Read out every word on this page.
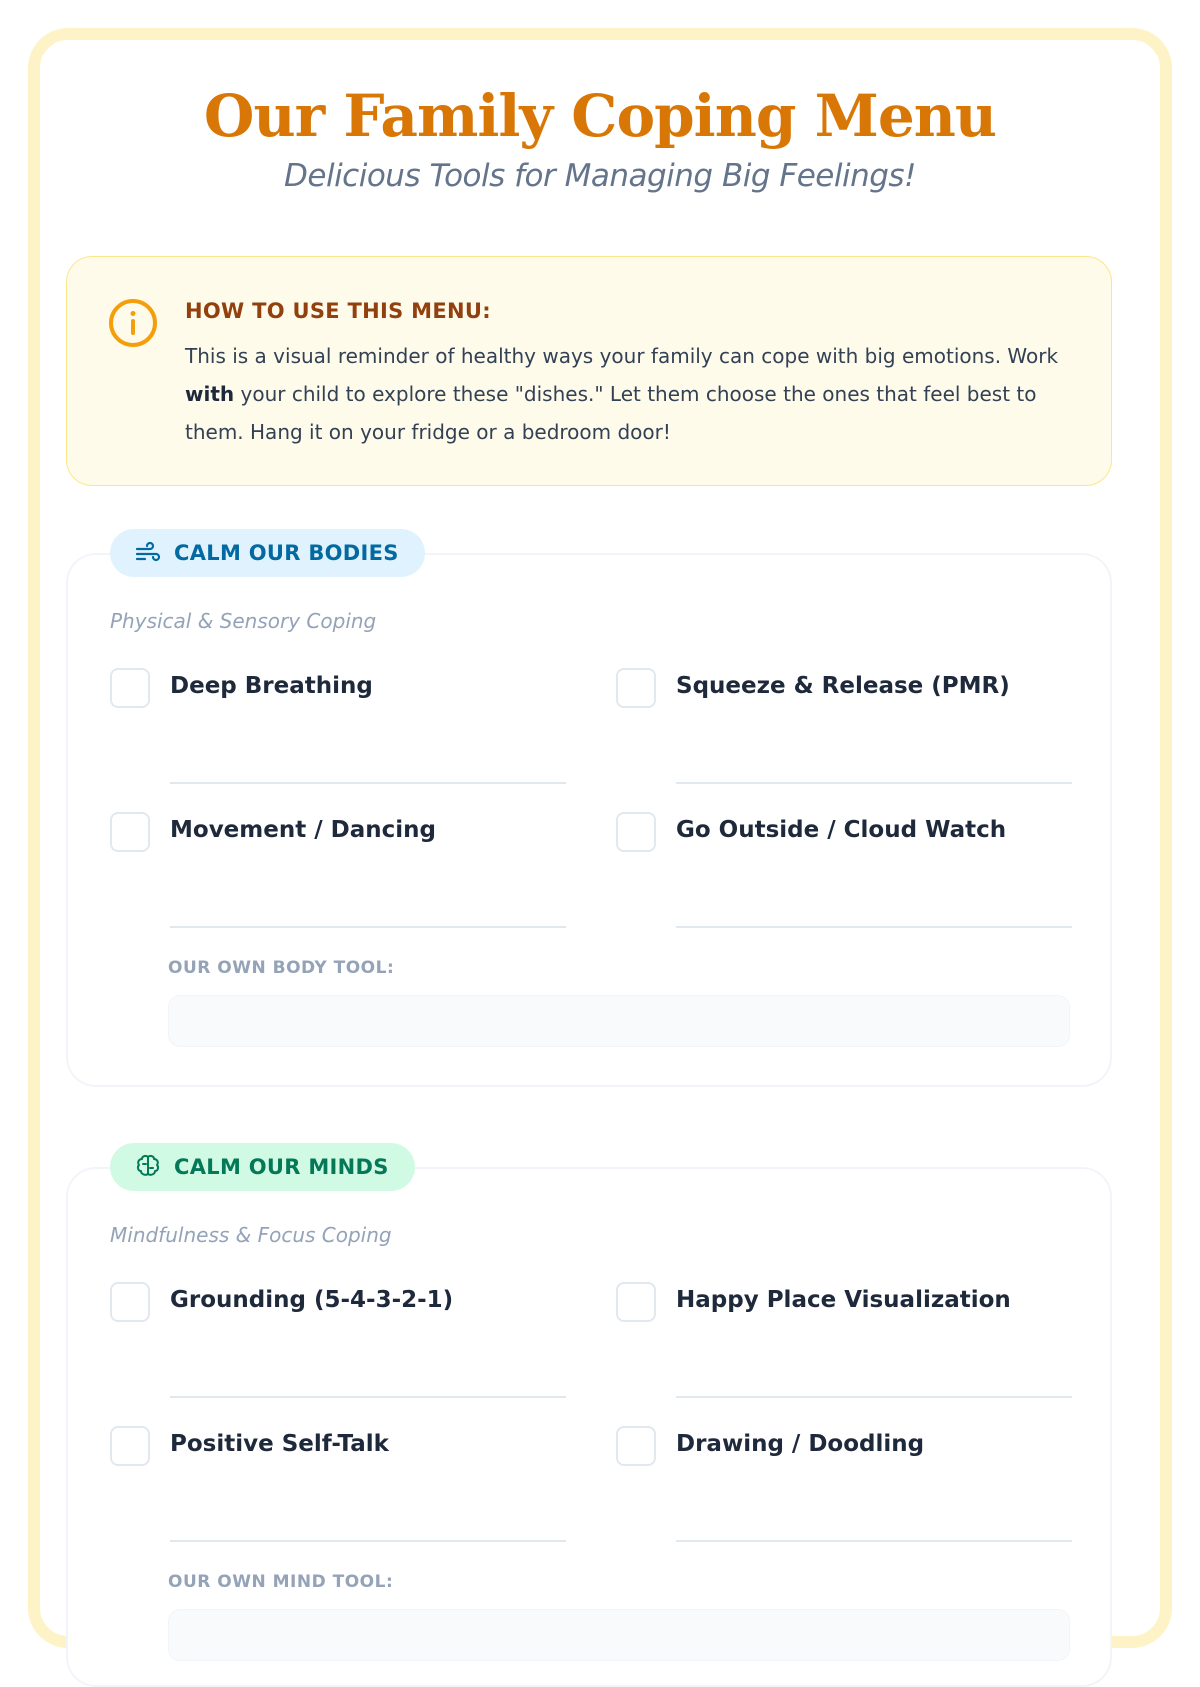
Our Family Coping Menu
Delicious Tools for Managing Big Feelings!
HOW TO USE THIS MENU:

This is a visual reminder of healthy ways your family can cope with big emotions. Work with your child to explore these "dishes." Let them choose the ones that feel best to them. Hang it on your fridge or a bedroom door!

CALM OUR BODIES
Physical & Sensory Coping
Deep Breathing	Squeeze & Release (PMR)
Movement / Dancing	Go Outside / Cloud Watch
OUR OWN BODY TOOL:
CALM OUR MINDS
Mindfulness & Focus Coping
Grounding (5-4-3-2-1)	Happy Place Visualization
Positive Self-Talk	Drawing / Doodling
OUR OWN MIND TOOL:
